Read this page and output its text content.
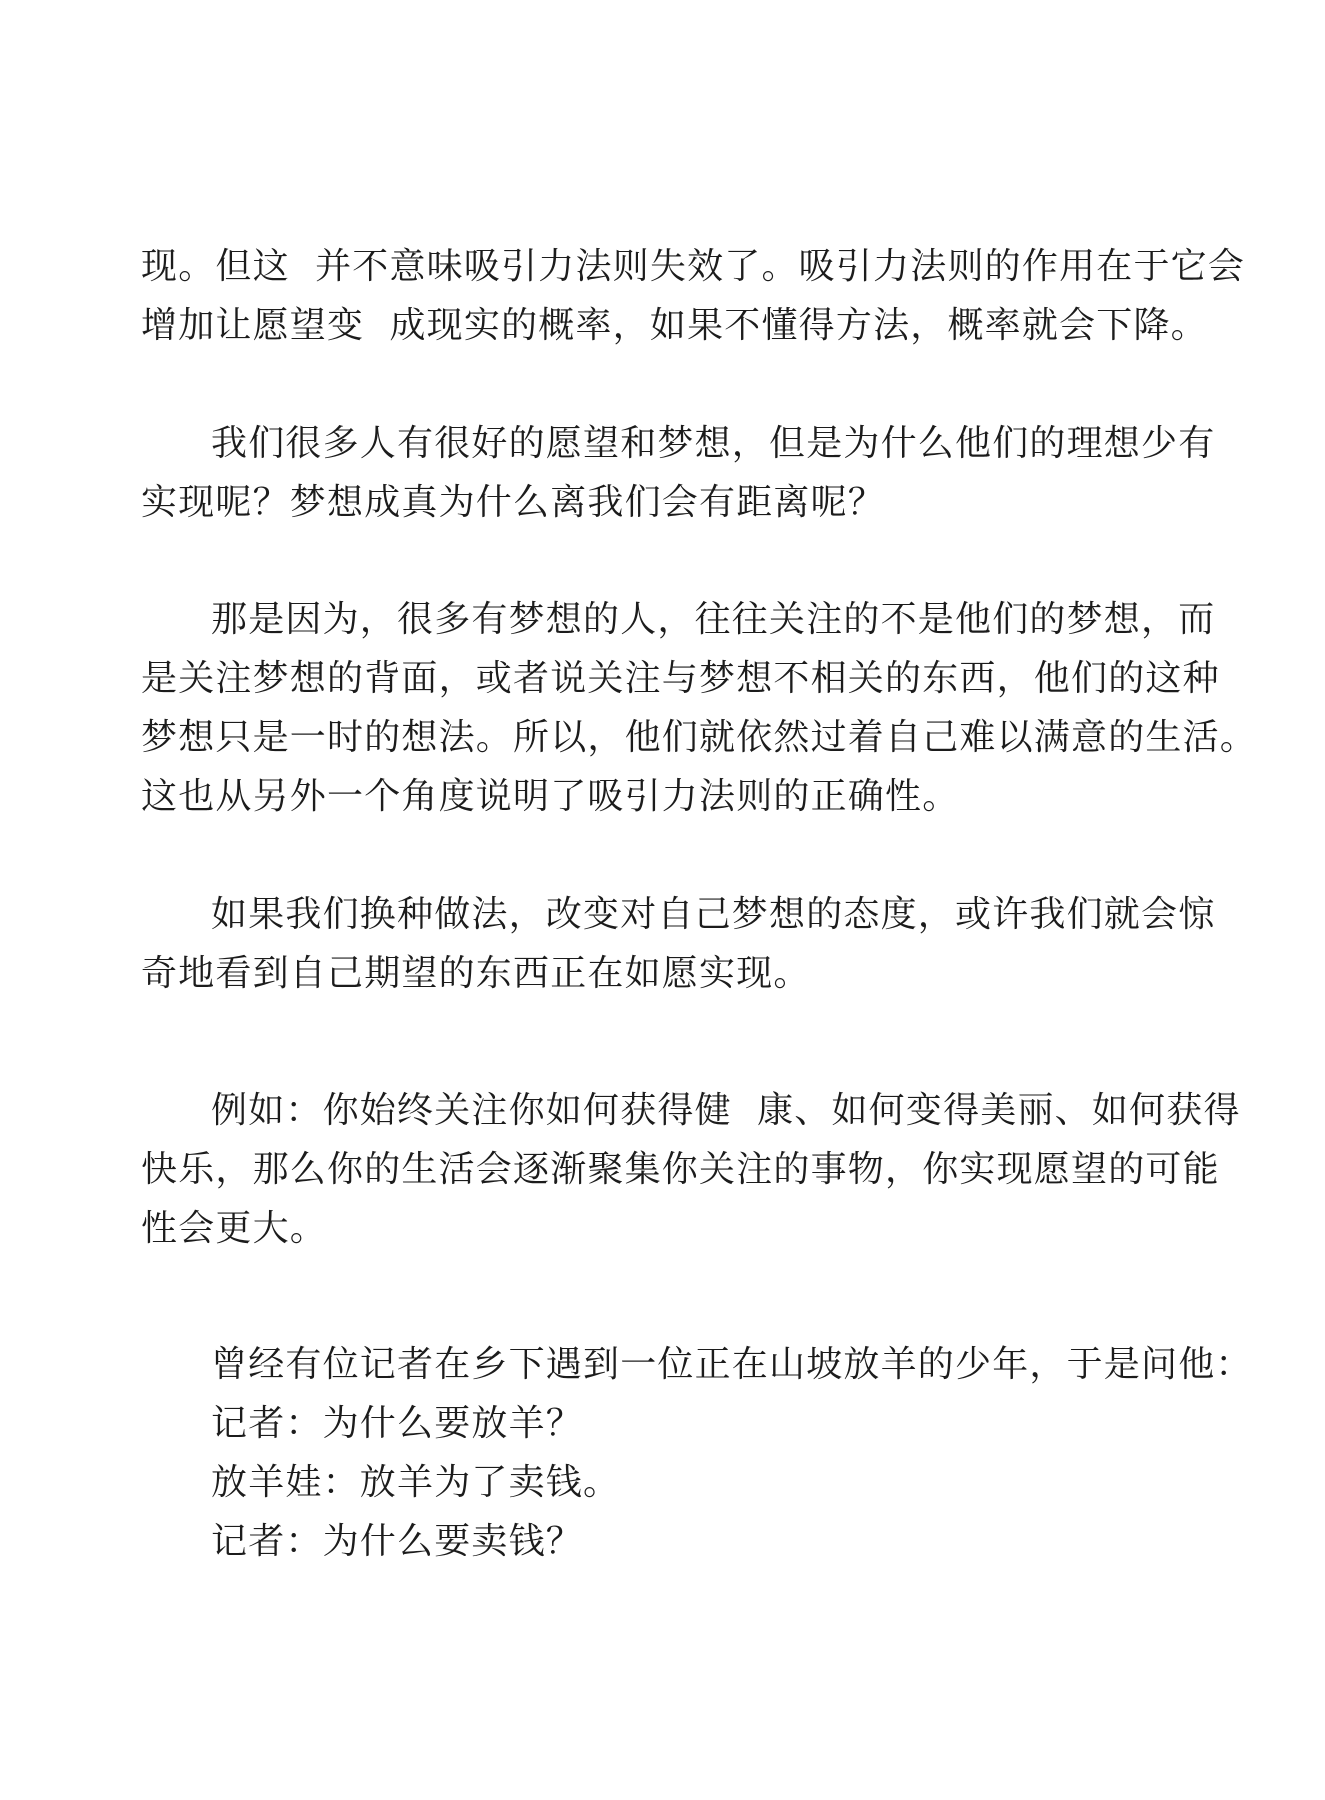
现。但这  并不意味吸引力法则失效了。吸引力法则的作用在于它会
增加让愿望变  成现实的概率，如果不懂得方法，概率就会下降。
我们很多人有很好的愿望和梦想，但是为什么他们的理想少有
实现呢？梦想成真为什么离我们会有距离呢？
那是因为，很多有梦想的人，往往关注的不是他们的梦想，而
是关注梦想的背面，或者说关注与梦想不相关的东西，他们的这种
梦想只是一时的想法。所以，他们就依然过着自己难以满意的生活。
这也从另外一个角度说明了吸引力法则的正确性。
如果我们换种做法，改变对自己梦想的态度，或许我们就会惊
奇地看到自己期望的东西正在如愿实现。
例如：你始终关注你如何获得健  康、如何变得美丽、如何获得
快乐，那么你的生活会逐渐聚集你关注的事物，你实现愿望的可能
性会更大。
曾经有位记者在乡下遇到一位正在山坡放羊的少年，于是问他：
记者：为什么要放羊？
放羊娃：放羊为了卖钱。
记者：为什么要卖钱？
